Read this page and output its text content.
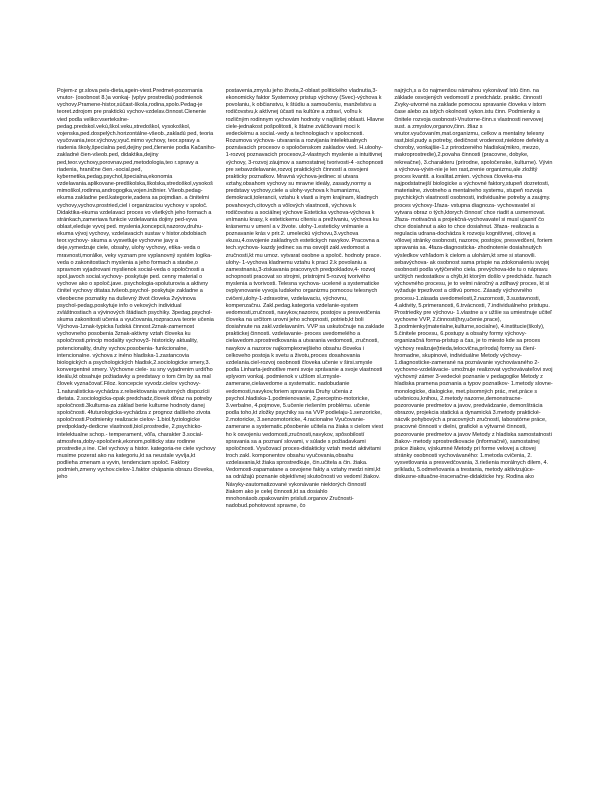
Pojem-z gr.slova peis-dieta,agein-viest.Predmet-pozornania vnutor- (osobnost 8.)a vonkaj- (vplyv prostredia) podmienok vychovy.Pramene-histor,súčast-škola,rodina,spolo.Pedag-je teoret.zdrojom pre praktickú vychov-vzdelav.činnost.Clenenie vied podla veliko:vsertekslne-pedag.predskol.vekú,škol.veku,stredoškol, vysokoškol, vojenska,ped.dospelých.horizontálne-všeob.,zakladú ped, teoria vyučovania,teor.výchovy,vyuč.mimo vychovy, teor.spravy a riadenia školy,špecialna ped,dejiny ped,členenie podla Kačaniho-zakladné čien-všeob.ped, didaktika,dejiny ped,teor.vychovy,porovnav.ped,metodologia,teo r.spravy a riadenia, hranične čien.-social.ped, kybernetika,pedag.psychol,špecialna,ekonomia vzdelavania.aplikovane-predškolska,školska,stredoškol,vysokoš mimoškol,rodinna,androgogika,vojen.inžinier. Všeob.pedag-ekuma zakladne ped.kategorie,zadera sa pojmdian. a činitelmi vychovy,vychov.prostried,ciel i organizaciou vychovy v spoloč. Didaktika-ekuma vzdelavaci proces vo všetkých jeho formach a stránkach,zameriava funkcie vzdelavania dojiny ped-vyva oblast,eleduje vyvoj ped. myslenia,koncepcii,nazorov,druhu-ekuma vývoj vychovy, vzdelavacich sustav v histor.obdobiach teor.vychovy- skuma a vysvetluje vychovne javy a deje,vymedzuje ciele, obsahy, ulohy vychovy, etika- veda o mravnosti,morálke, veky vyznam pre vyplanovný systém logika- veda o zakonitostiach myslenia a jeho formach a stavbe,o spravnom vyjadrovani myslienok social-veda o spoločnosti a spol.javoch social.vychovy- poskytuje ped. cenny material o vychove ako o spoloč.jave. psychologia-spoluturovia a aktivny činitel vychovy ditatas.tvšeob.psychol- poskytuje zakladne a všeobecne poznatky na duševný život človeka 2vývinova psychol-pedag.poskytuje info o vekových individual zvláštnostiach a vývinových štádiach psychiky. 3pedag.psychol-skuma zakonitosti učenia a vyučovania,rozpracuva teorie učenia Výchova-1znak-typicka ľudská činnost.2znak-zamernost vychovneho posobenia 3znak-aktivny vztah človeka ku spoločnosti.princip modality vychovy3- historicky aktuality, potencionality, druhy vychov.posobenia- funkcionalne, intencionalne. výchova z inéno hladiska-1.zastancovia biologických a psychologických hladisk,2.sociologicke smery,3. konvergentné smery. Výchovne ciele- su sny vyjadrenim urdiťho ideálu,kt obsahuje požiadavky a predstavy o tom čim by sa mal človek vyznačovať.Filoz. koncepcie vyvodz.cielov vychovy-1.naturalisticka-vychádza z.relsektovania vnutorných dispozícii dietata. 2.sociologicka-opak predchadz,človek dôraz na potreby spoločnosti.3kulturna-za základ berie kulturne hodnoty danej spoločnosti. 4futurologicka-vychádza z prognoz dalšieho zivota spoločnosti.Podmienky realizacie cielov- 1.biol.fyziologicke predpoklady-dedicne vlastnosti,biol.prostredie, 2.psychicko-intelektualne schop.- temperament, vôľa, charakter 3.social-atmosfera,doby-spoločenk,ekonom,politicky stav rodinne prostredie,s ine. Ciel vychovy a histor. kategoria-ne ciele vychovy musime pozerat ako na kategoriu,kt sa neustale vyvíja,kt podlieha zmenam a vyvin, tendenciam spoloč. Faktory podmieh,zmeny vychov.cielov-1.faktor chápania obrazu človeka, jeho

postavenia,zmyslu jeho života,2-oblast politického vladnutia,3-ekonomicky faktor Systemovy pristup výchovy (Svec)-výchova k povolaniu, k občianstvu, k štúdiu a samoučeniu, manželstvu a rodičovstvu,k aktívnej účasti na kultúre a zdraví, voľnu k rozličným rodinnym vychovám hodnoty v najširšej oblasti. Hlavne ciele-jednakost pošpolitosti, k štatne zväčšovani moci k vedeckému a social.-vedy a technologiach v spolocnosti. Rozumova výchova- utvarania a rozvijania intelektualnych poznávacich procesov o spoločenskom zakladov vied. H.uloohy-1-rozvoj poznavacich procesov,2-vlastnych myslenie a intuitivnej výchovy, 3-rozvoj záujmov a samostatnej tvorivosti-4 -schopnosti pre sebavzdelavanie,rozvoj praktických činností a osvojeni prakticky poznatkov. Mravná výchova-jedinec si utvara vztahy,obsahom vychovy su mravne ideály, zasady,normy a predstavy vychovy,ciele a ulohy-vychova k humanizmu, demokracii,tolerancii, vztahu k vlasti a inym krajinam, kladnych povahovych,citovych a vôlových vlastnosti, výchova k rodičovstvu a sociálnej výchove Esteticka vychova-výchova k vnímaniu krasy, k estetickemu cíteniu a prežívaniu, výchova ku krásnemu v umení a v živote. ulohy-1.esteticky vnímanie a poznavanie krás v prir.2. umeleckú výchovu,3.vychova vkusu,4.osvojenie zakladnych estetickych navykov. Pracovna a tech.vychova- kazdy jedinec sa ma osvojit zakl.vedomost a zručnosti,kt mu umoz. vytvarat osobne a spoloč. hodnoty prace. ulohy- 1-vychova kladnemu vztahu k praci 2.k povolaniu a zamestnaniu,3-ziskavania pracovnych predpokladov,4- rozvoj schopnosti pracovat so strojmi, pristrojmi 5-rozvoj tvorivého myslenia a tvorivosti. Telesna vychova- ucelené a systematicke ovplyvnovanie vyvoja ludskeho organizmu pomocou telesnych cvičeni,ulohy-1-zdravotne, vzdelavaciu, výchovnu, kompenzačnu. Zakl.pedag.kategoria vzdelanie-system vedomosti,zručnosti, navykov,nazorov, postojov a presvedčenia človeka na určitom urovni jeho schopnosti, potrieb,kt boli dosiahnute na zakl.vzdelavaním. VVP sa uskutočnuje na zaklade praktickej činnosti. vzdelavanie- proces uvedomelého a cielavedom.sprostredkovania a utvarania vedomosti, zručnosti, navykov a nazorov najkomplexnejšieho obsahu človeka i celkoveho postoja k svetu a životu,proces dosahovania vzdelania.ciel-rozvoj osobnosti človeka učenie v širsi.smysle podla Linharta-jednotlive meni svoje správanie a svoje vlastnosti vplyvom vonkaj. podmienok v užšom sl.zmysle-zamerane,cielavedome a systematic. nadobudanie vedomosti,navykov,foriem spravania Druhy učenia z psychol.hladiska-1.podmienovanie, 2.perceptno-motoricke, 3.verbalne, 4.pojmove, 5.učenie riešením problému. učenie podla toho,kt zložky psychiky sa na VVP podielaju-1.senzoricke, 2.motoricke, 3.senzomotoricke, 4.racionalne Vyučovanie- zamerane a systematic.pôsobenie učitela na žiaka s cielom viest ho k osvojeniu vedomosti,zručnosti,navykov, spôsobilostí spravania sa a poznaní slovami, v súlade s požiadavkami spoločnosti. Vyučovací proces-didakticky vztah medzi aktivitami troch zakl. komponentov obsahu vyučovania,obsahu vzdelavania,kt žiaka sprostredkuje, čin.učitela a čin. žiaka. Vedomosti-zapamatane a osvojene fakty a vztahy medzi nimi,kt sa odrážajú poznanie objektívnej skutočnosti vo vedomí žiakov. Návyky-zautomatizované vykonávanie niektorých činností žiakom ako je celej činnosti,kt sa dosiahlo mnohonásob.opakovaním prisluš.organov Zručnosti- nadobud.pohotovost spravne, čo

najrých,s a čo najmenšou námahou vykonávať istú činn. na základe osvojených vedomostí z predchádz. praktic. činností Zvyky-utvorné na zaklade pomocou spravanie človeka v istom čase alebo za istých okolností vykon.istu činn. Podmienky a činitele rozvoja osobnosti-Vnutorne-činn.s vlastnosti nervovej sust. a zmyslov,organov,činn. žliaz s vnutor.vyučovaním,mat.organizmu, celkov a mentalny telesny rast,biol.pudy a potreby, dedičnost vrodenost,niektore defekty a choroby, vonkajšie-1.z prirodzeného hladiska(mikro, mezzo, makroprostredie),2.povaha činnosti (pracovne, dobyke, rekreačne), 3.charakteru (prirodne, spoločenske, kulturne). Vývin a výchova-vývin-nie je len rast,zrenie organizmu,ale zložitý proces kvantit. a kvalitat.zmien. výchova človeka-ma najpodstatnejší biologicke a výchovné faktory,stupeň dozretosti, materialne, zivotneho a mentalneho systemu, stupeň rozvoja psychických vlastností osobnosti, individualne potreby a zaujmy. proces výchovy-1faza- vstupna diagnoza- vychovavatel si vytvara obraz o tých,ktorych činnosť chce riadit a usmernovat. 2faza- motivačná a projekčná-vychovavatel si musí ujasniť čo chce dosiahnut a ako to chce dosiahnut. 3faza- realizacia a regulacia udrana-dochádza k rozvoju kognitívnej, citovej a vôlovej stránky osobnosti, nazorov, postojov, presvedčení, foriem spravania sa. 4faza-diagnosticka- zhodnotenie dosiahnutých výsledkov vzhľadom k cielom a ulohám,kt sme si stanovili. sebavýchova- ak osobnost sama prispie na zdokonaleniu svojej osobnosti podla vytýčeného ciela. prevýchova-ide tu o nápravu určitých nedostatkov a chýb,kt ktorým došlo v predchádz. fazach výchovného procesu, je to velmi náročný a zdlhavý proces, kt si vyžaduje trpezlivost a citlivú pomoc. Zásady výchovného procesu-1.zásada uvedomelosti,2.nazornosti, 3.sustavnosti, 4.aktivity, 5.primeranosti, 6.trvácnosti, 7.individuálneho pristupu. Prostriedky pre výchovu- 1.vlastne a v užšie sa umiestnuje učiteľ vychovne VVP, 2.činnosti(hry,učenie,prace), 3.podmienky(materialne,kulturne,socialne), 4.institucie(školy), 5.činitele procesu, 6.postupy a obsahy formy výchovy- organizačná forma-prístup a čas, je to miesto kde sa proces výchovy realizuje(trieda,telocvična,príroda) formy sa člení- hromadne, skupinové, individuálne Metody výchovy- 1.diagnosticke-zamerané na poznávanie vychovávaného 2-vychovno-vzdelávacie- umožnuje realizovat vychovávateľovi svoj výchovný zámer 3-vedecké poznanie v pedagogike Metody z hladiska pramena poznania a typov poznatkov- 1.metody slovne- monologicke, dialogicke, met.písomných prác, met.práce s učebnicou,knihou, 2.metody nazorne,demonstracne- pozorovanie predmetov a javov, predvádzanie, demonštrácia obrazov, projekcia statická a dynamická 3.metody praktické- nácvik pohybových a pracovných zručností, laboratórne práce, pracovné činnosti v dielni, grafické a výtvarné činnosti, pozorovanie predmetov a javov Metody z hladiska samostatnosti žiakov- metody sprostredkovacie (informačné), samostatnej práce žiakov, výskumné Metody pri forme velovej a citovej stránky osobnosti vychovávaného: 1.metoda cvičenia, 2. vysvetlovania a presvedčovania, 3.riešenia morálnych dilem, 4. príkladu, 5.odmeňovania a trestania, metody aktivizujúce-diskusne-situačne-inscenačne-didakticke hry. Rodina ako
